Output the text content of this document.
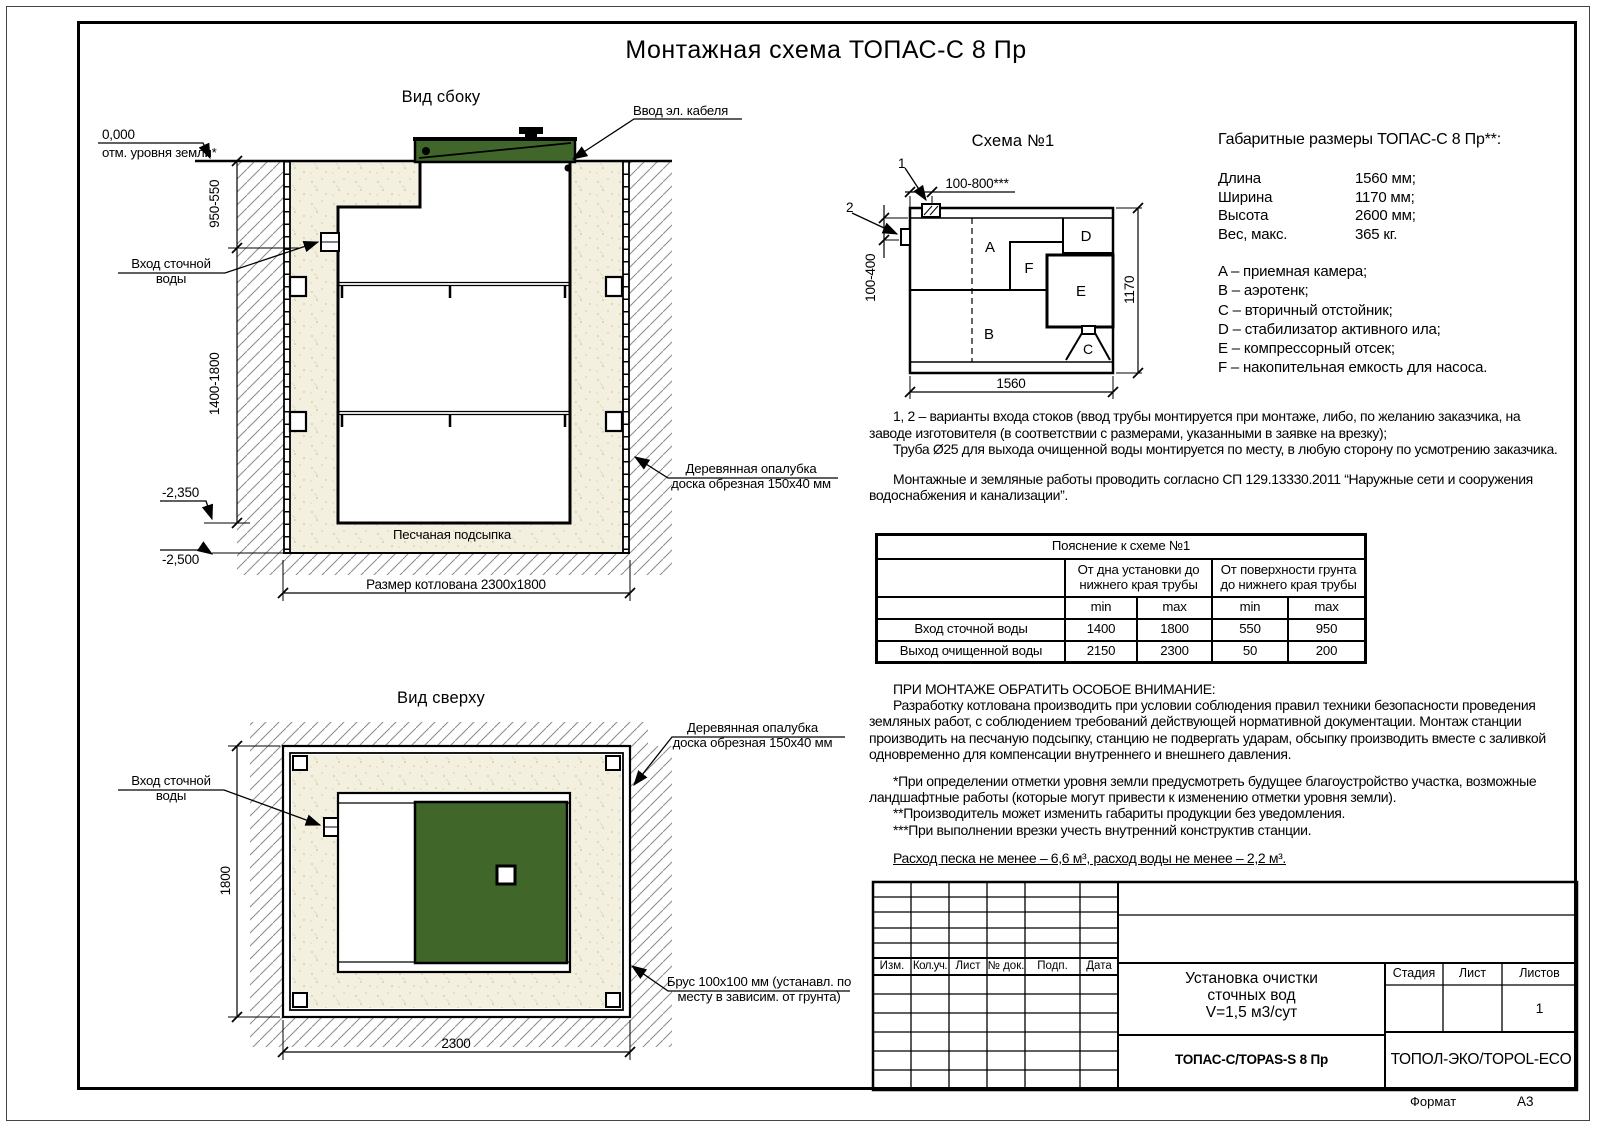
Монтажная схема ТОПАС-С 8 Пр
Вид сбоку
0,000
отм. уровня земли*
950-550
1400-1800
-2,350
-2,500
Вход сточной
воды
Ввод эл. кабеля
Деревянная опалубка
доска обрезная 150х40 мм
Песчаная подсыпка
Размер котлована 2300х1800
Вид сверху
Вход сточной
воды
Деревянная опалубка
доска обрезная 150х40 мм
Брус 100х100 мм (устанавл. по
месту в зависим. от грунта)
1800
2300
Схема №1
100-800***
100-400
1560
1170
1
2
A
B
C
D
E
F
Габаритные размеры ТОПАС-С 8 Пр**:
Длина	1560 мм;
Ширина	1170 мм;
Высота	2600 мм;
Вес, макс.	365 кг.
A – приемная камера;
B – аэротенк;
C – вторичный отстойник;
D – стабилизатор активного ила;
E – компрессорный отсек;
F – накопительная емкость для насоса.

1, 2 – варианты входа стоков (ввод трубы монтируется при монтаже, либо, по желанию заказчика, на заводе изготовителя (в соответствии с размерами, указанными в заявке на врезку);

Труба Ø25 для выхода очищенной воды монтируется по месту, в любую сторону по усмотрению заказчика.

Монтажные и земляные работы проводить согласно СП 129.13330.2011 “Наружные сети и сооружения водоснабжения и канализации”.

Пояснение к схеме №1				

От дна установки до
нижнего края трубы

От поверхности грунта
до нижнего края трубы

	min	max	min	max
Вход сточной воды	1400	1800	550	950
Выход очищенной воды	2150	2300	50	200

ПРИ МОНТАЖЕ ОБРАТИТЬ ОСОБОЕ ВНИМАНИЕ:

Разработку котлована производить при условии соблюдения правил техники безопасности проведения земляных работ, с соблюдением требований действующей нормативной документации. Монтаж станции производить на песчаную подсыпку, станцию не подвергать ударам, обсыпку производить вместе с заливкой одновременно для компенсации внутреннего и внешнего давления.

*При определении отметки уровня земли предусмотреть будущее благоустройство участка, возможные ландшафтные работы (которые могут привести к изменению отметки уровня земли).

**Производитель может изменить габариты продукции без уведомления.

***При выполнении врезки учесть внутренний конструктив станции.

Расход песка не менее – 6,6 м³, расход воды не менее – 2,2 м³.

Изм. Кол.уч. Лист № док.	Подп.	Дата
Установка очистки
сточных вод
V=1,5 м3/сут
ТОПАС-С/TOPAS-S 8 Пр
Стадия	Лист	Листов
1
ТОПОЛ-ЭКО/TOPOL-ECO
Формат	А3
